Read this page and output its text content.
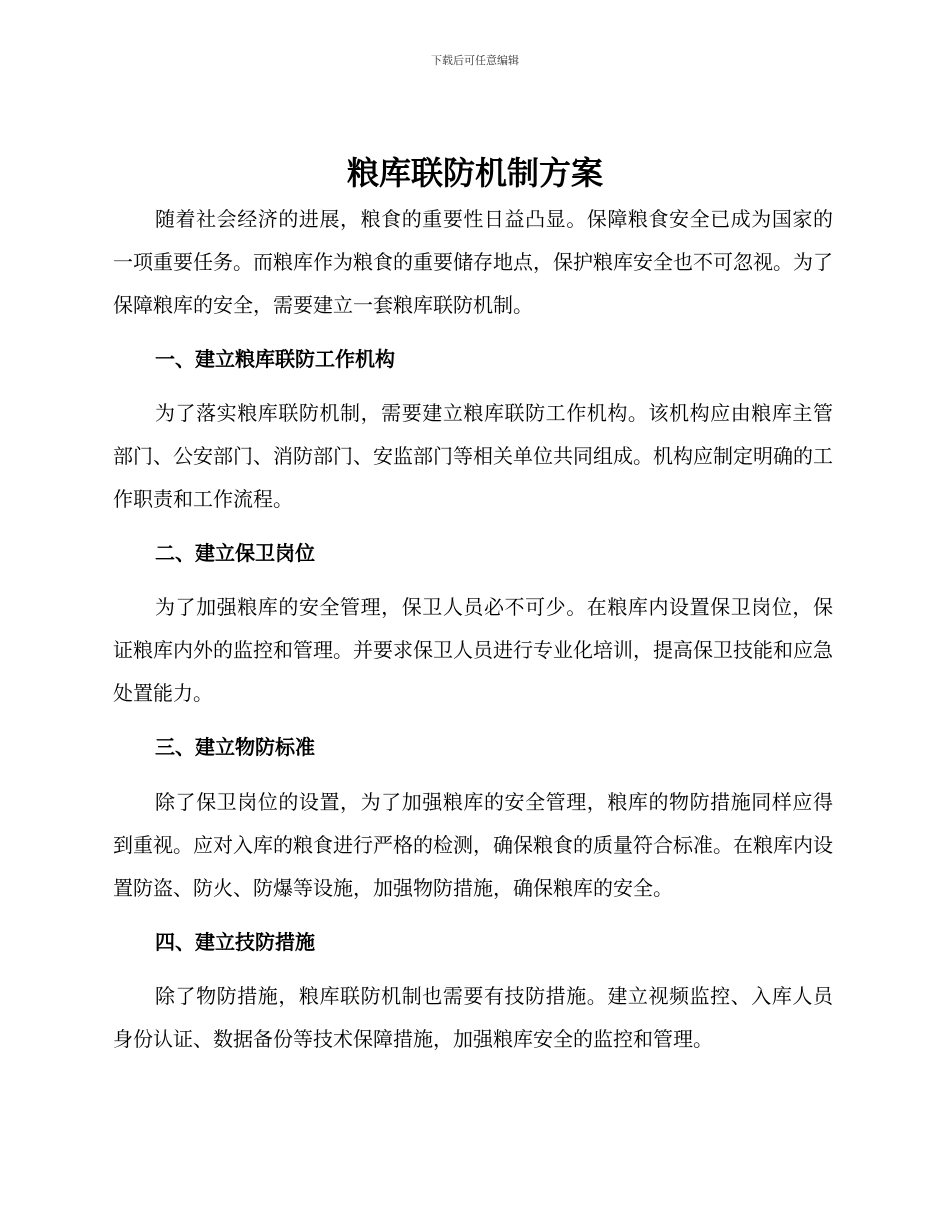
下载后可任意编辑
粮库联防机制方案

随着社会经济的进展，粮食的重要性日益凸显。保障粮食安全已成为国家的一项重要任务。而粮库作为粮食的重要储存地点，保护粮库安全也不可忽视。为了保障粮库的安全，需要建立一套粮库联防机制。

一、建立粮库联防工作机构

为了落实粮库联防机制，需要建立粮库联防工作机构。该机构应由粮库主管部门、公安部门、消防部门、安监部门等相关单位共同组成。机构应制定明确的工作职责和工作流程。

二、建立保卫岗位

为了加强粮库的安全管理，保卫人员必不可少。在粮库内设置保卫岗位，保证粮库内外的监控和管理。并要求保卫人员进行专业化培训，提高保卫技能和应急处置能力。

三、建立物防标准

除了保卫岗位的设置，为了加强粮库的安全管理，粮库的物防措施同样应得到重视。应对入库的粮食进行严格的检测，确保粮食的质量符合标准。在粮库内设置防盗、防火、防爆等设施，加强物防措施，确保粮库的安全。

四、建立技防措施

除了物防措施，粮库联防机制也需要有技防措施。建立视频监控、入库人员身份认证、数据备份等技术保障措施，加强粮库安全的监控和管理。
